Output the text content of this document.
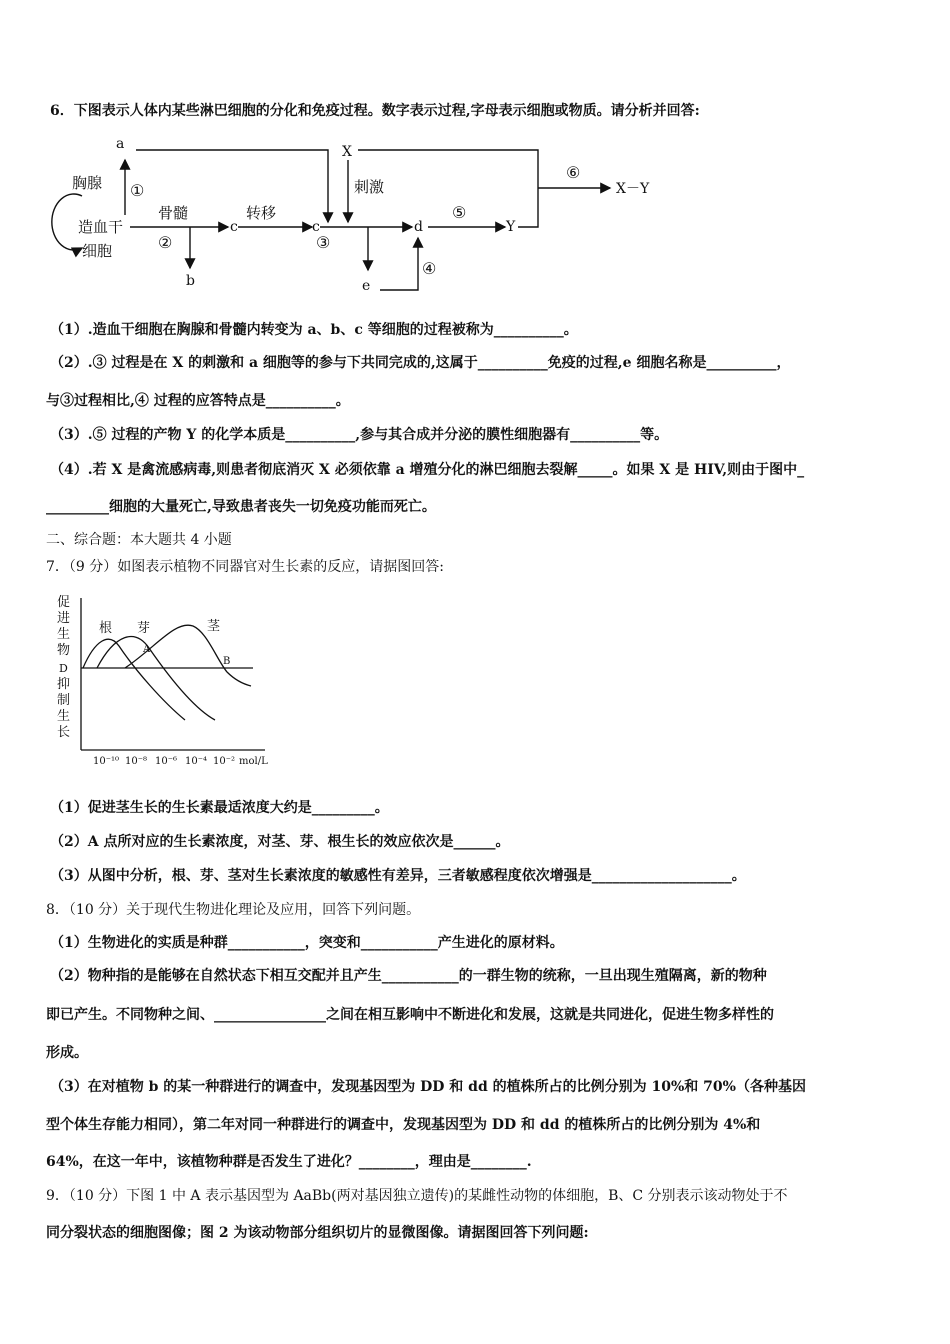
6．下图表示人体内某些淋巴细胞的分化和免疫过程。数字表示过程,字母表示细胞或物质。请分析并回答:
a
胸腺 ①
造血干
细胞
骨髓
②
c
b
转移
c
③
X
刺激
d
e
④
⑤
Y
⑥
X－Y
（1）.造血干细胞在胸腺和骨髓内转变为 a、b、c 等细胞的过程被称为__________。
（2）.③ 过程是在 X 的刺激和 a 细胞等的参与下共同完成的,这属于__________免疫的过程,e 细胞名称是__________，
与③过程相比,④ 过程的应答特点是__________。
（3）.⑤ 过程的产物 Y 的化学本质是__________,参与其合成并分泌的膜性细胞器有__________等。
（4）.若 X 是禽流感病毒,则患者彻底消灭 X 必须依靠 a 增殖分化的淋巴细胞去裂解_____。如果 X 是 HIV,则由于图中_
_________细胞的大量死亡,导致患者丧失一切免疫功能而死亡。
二、综合题：本大题共 4 小题
7．（9 分）如图表示植物不同器官对生长素的反应，请据图回答:
促
进
生
物
D
抑
制
生
长
根 芽	茎
A
B
10⁻¹⁰ 10⁻⁸ 10⁻⁶ 10⁻⁴ 10⁻² mol/L
（1）促进茎生长的生长素最适浓度大约是_________。
（2）A 点所对应的生长素浓度，对茎、芽、根生长的效应依次是______。
（3）从图中分析，根、芽、茎对生长素浓度的敏感性有差异，三者敏感程度依次增强是____________________。
8．（10 分）关于现代生物进化理论及应用，回答下列问题。
（1）生物进化的实质是种群___________，突变和___________产生进化的原材料。
（2）物种指的是能够在自然状态下相互交配并且产生___________的一群生物的统称，一旦出现生殖隔离，新的物种
即已产生。不同物种之间、________________之间在相互影响中不断进化和发展，这就是共同进化，促进生物多样性的
形成。
（3）在对植物 b 的某一种群进行的调查中，发现基因型为 DD 和 dd 的植株所占的比例分别为 10%和 70%（各种基因
型个体生存能力相同），第二年对同一种群进行的调查中，发现基因型为 DD 和 dd 的植株所占的比例分别为 4%和
64%，在这一年中，该植物种群是否发生了进化？________，理由是________.
9．（10 分）下图 1 中 A 表示基因型为 AaBb(两对基因独立遗传)的某雌性动物的体细胞，B、C 分别表示该动物处于不
同分裂状态的细胞图像；图 2 为该动物部分组织切片的显微图像。请据图回答下列问题:
